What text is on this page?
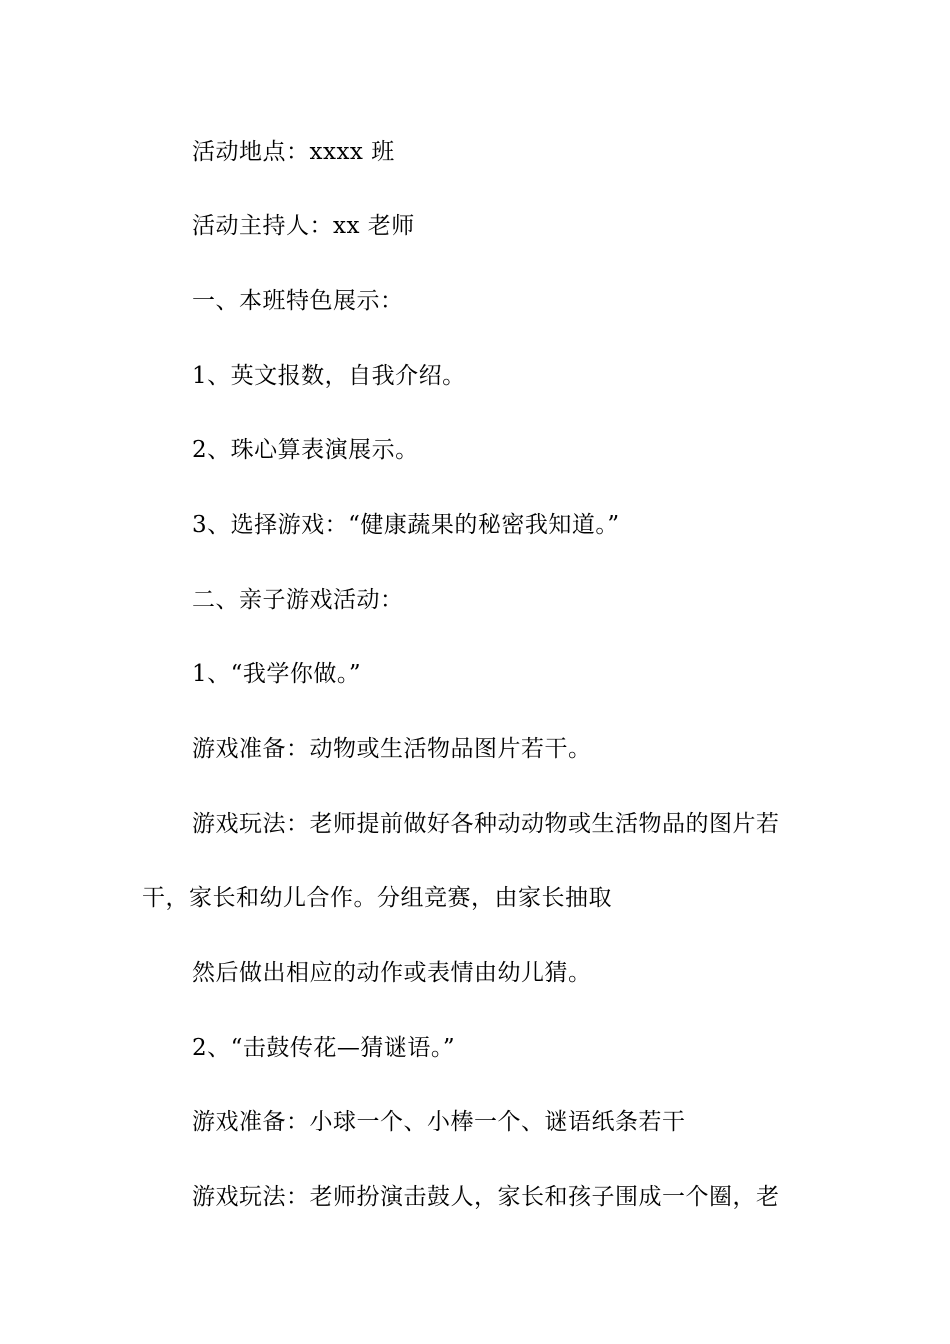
活动地点：xxxx 班
活动主持人：xx 老师
一、本班特色展示：
1、英文报数，自我介绍。
2、珠心算表演展示。
3、选择游戏：“健康蔬果的秘密我知道。”
二、亲子游戏活动：
1、“我学你做。”
游戏准备：动物或生活物品图片若干。
游戏玩法：老师提前做好各种动动物或生活物品的图片若
干，家长和幼儿合作。分组竞赛，由家长抽取
然后做出相应的动作或表情由幼儿猜。
2、“击鼓传花—猜谜语。”
游戏准备：小球一个、小棒一个、谜语纸条若干
游戏玩法：老师扮演击鼓人，家长和孩子围成一个圈，老
